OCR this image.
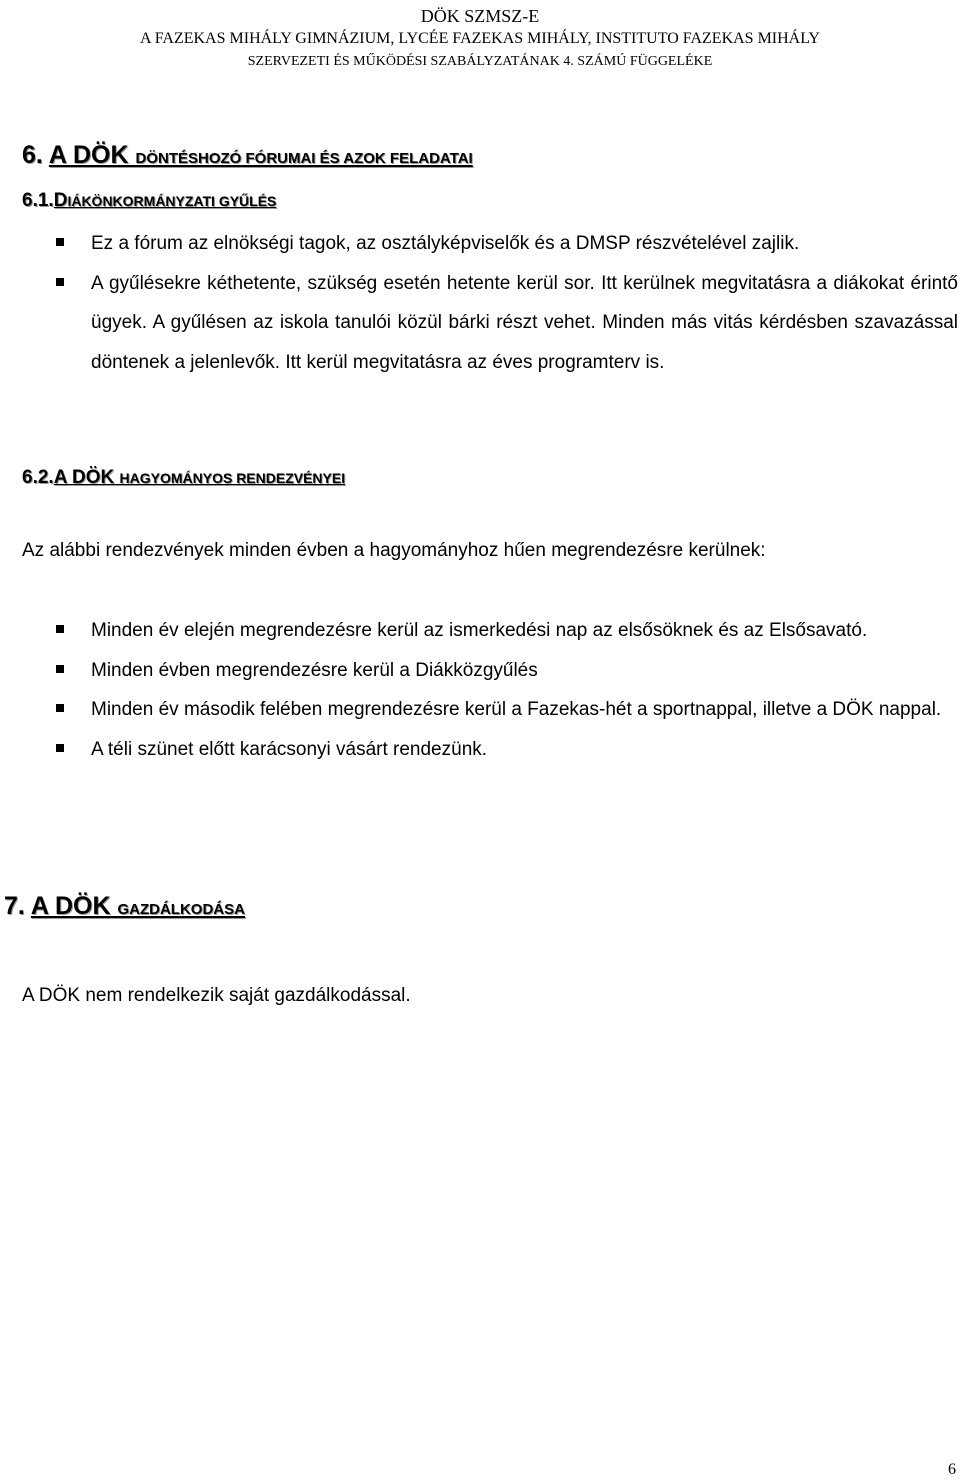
DÖK SZMSZ-E
A FAZEKAS MIHÁLY GIMNÁZIUM, LYCÉE FAZEKAS MIHÁLY, INSTITUTO FAZEKAS MIHÁLY
SZERVEZETI ÉS MŰKÖDÉSI SZABÁLYZATÁNAK 4. SZÁMÚ FÜGGELÉKE
6. A DÖK DÖNTÉSHOZÓ FÓRUMAI ÉS AZOK FELADATAI
6.1.DIÁKÖNKORMÁNYZATI GYŰLÉS
Ez a fórum az elnökségi tagok, az osztályképviselők és a DMSP részvételével zajlik.
A gyűlésekre kéthetente, szükség esetén hetente kerül sor. Itt kerülnek megvitatásra a diákokat érintő ügyek. A gyűlésen az iskola tanulói közül bárki részt vehet. Minden más vitás kérdésben szavazással döntenek a jelenlevők. Itt kerül megvitatásra az éves programterv is.
6.2.A DÖK HAGYOMÁNYOS RENDEZVÉNYEI
Az alábbi rendezvények minden évben a hagyományhoz hűen megrendezésre kerülnek:
Minden év elején megrendezésre kerül az ismerkedési nap az elsősöknek és az Elsősavató.
Minden évben megrendezésre kerül a Diákközgyűlés
Minden év második felében megrendezésre kerül a Fazekas-hét a sportnappal, illetve a DÖK nappal.
A téli szünet előtt karácsonyi vásárt rendezünk.
7. A DÖK GAZDÁLKODÁSA
A DÖK nem rendelkezik saját gazdálkodással.
6
